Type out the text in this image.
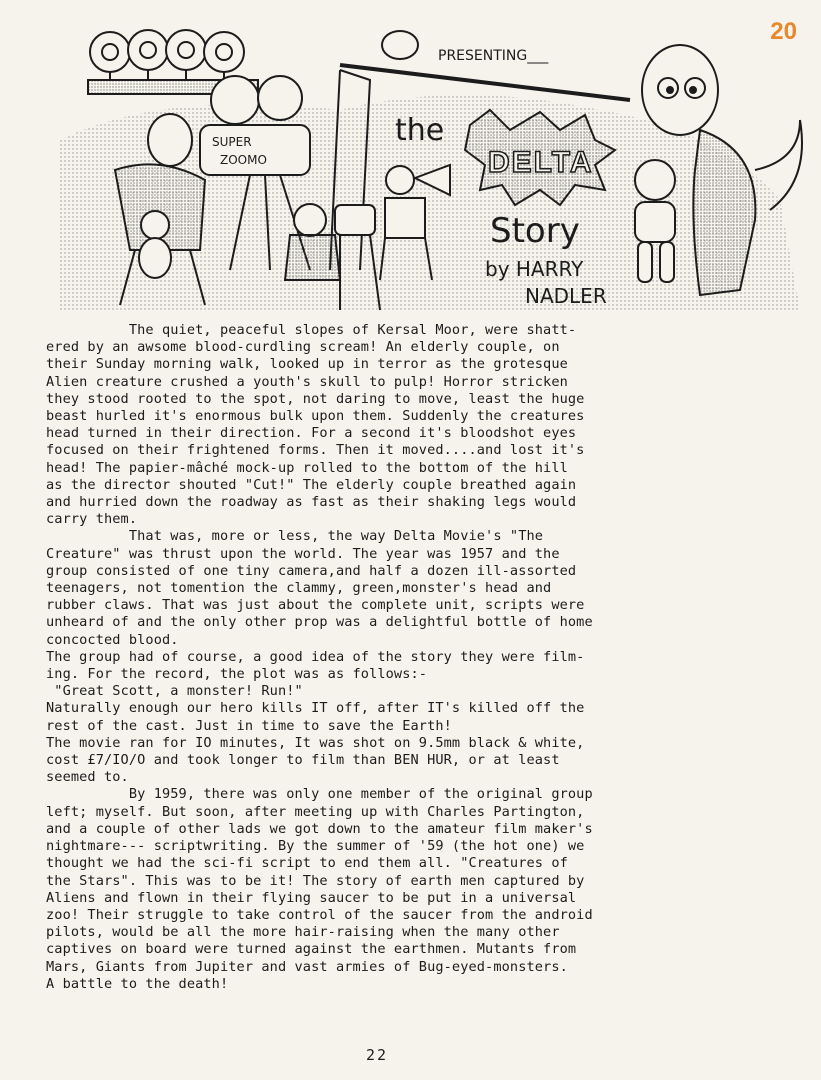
20
SUPER
ZOOMO
PRESENTING___
the
DELTA
Story
by HARRY
NADLER

The quiet, peaceful slopes of Kersal Moor, were shatt-
ered by an awsome blood-curdling scream! An elderly couple, on
their Sunday morning walk, looked up in terror as the grotesque
Alien creature crushed a youth's skull to pulp! Horror stricken
they stood rooted to the spot, not daring to move, least the huge
beast hurled it's enormous bulk upon them. Suddenly the creatures
head turned in their direction. For a second it's bloodshot eyes
focused on their frightened forms. Then it moved....and lost it's
head! The papier-mâché mock-up rolled to the bottom of the hill
as the director shouted "Cut!" The elderly couple breathed again
and hurried down the roadway as fast as their shaking legs would
carry them.

That was, more or less, the way Delta Movie's "The
Creature" was thrust upon the world. The year was 1957 and the
group consisted of one tiny camera,and half a dozen ill-assorted
teenagers, not tomention the clammy, green,monster's head and
rubber claws. That was just about the complete unit, scripts were
unheard of and the only other prop was a delightful bottle of home
concocted blood.
The group had of course, a good idea of the story they were film-
ing. For the record, the plot was as follows:-
"Great Scott, a monster! Run!"
Naturally enough our hero kills IT off, after IT's killed off the
rest of the cast. Just in time to save the Earth!
The movie ran for IO minutes, It was shot on 9.5mm black & white,
cost £7/IO/O and took longer to film than BEN HUR, or at least
seemed to.

By 1959, there was only one member of the original group
left; myself. But soon, after meeting up with Charles Partington,
and a couple of other lads we got down to the amateur film maker's
nightmare--- scriptwriting. By the summer of '59 (the hot one) we
thought we had the sci-fi script to end them all. "Creatures of
the Stars". This was to be it! The story of earth men captured by
Aliens and flown in their flying saucer to be put in a universal
zoo! Their struggle to take control of the saucer from the android
pilots, would be all the more hair-raising when the many other
captives on board were turned against the earthmen. Mutants from
Mars, Giants from Jupiter and vast armies of Bug-eyed-monsters.
A battle to the death!

22
